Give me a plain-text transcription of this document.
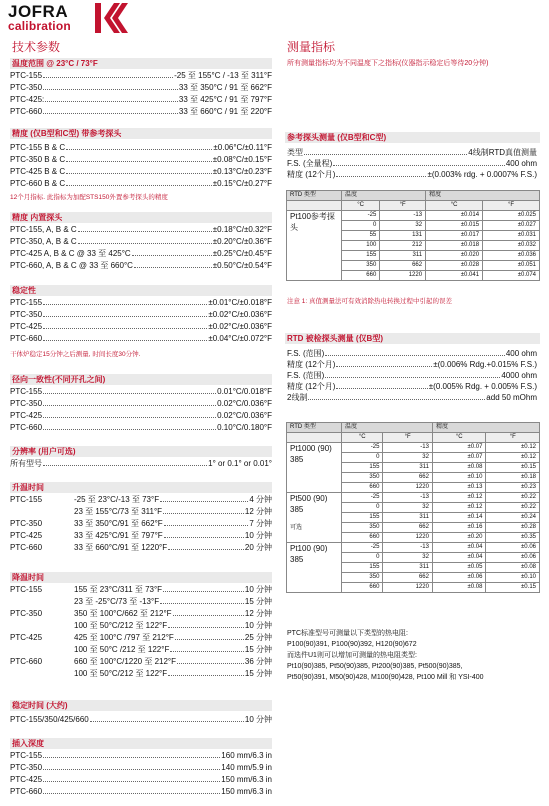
JOFRA
calibration
技术参数
温度范围 @ 23°C / 73°F
PTC-155	-25 至 155°C / -13 至 311°F
PTC-350	33 至 350°C / 91 至 662°F
PTC-425:	33 至 425°C / 91 至 797°F
PTC-660	33 至 660°C / 91 至 220°F
精度 (仅B型和C型) 带参考探头
PTC-155 B & C	±0.06°C/±0.11°F
PTC-350 B & C	±0.08°C/±0.15°F
PTC-425 B & C	±0.13°C/±0.23°F
PTC-660 B & C	±0.15°C/±0.27°F
12个月指标. 此指标为加配STS150外置参考探头的精度
精度 内置探头
PTC-155, A, B & C	±0.18°C/±0.32°F
PTC-350, A, B & C	±0.20°C/±0.36°F
PTC-425 A, B & C @ 33 至 425°C	±0.25°C/±0.45°F
PTC-660, A, B & C @ 33 至 660°C	±0.50°C/±0.54°F
稳定性
PTC-155	±0.01°C/±0.018°F
PTC-350	±0.02°C/±0.036°F
PTC-425	±0.02°C/±0.036°F
PTC-660	±0.04°C/±0.072°F
干体炉稳定15分钟之后测量, 时间长度30分钟.
径向一致性(不同开孔之间)
PTC-155	0.01°C/0.018°F
PTC-350	0.02°C/0.036°F
PTC-425	0.02°C/0.036°F
PTC-660	0.10°C/0.180°F
分辨率 (用户可选)
所有型号	1° or 0.1° or 0.01°
升温时间
PTC-155	-25 至 23°C/-13 至 73°F	4 分钟
23 至 155°C/73 至 311°F	12 分钟
PTC-350	33 至 350°C/91 至 662°F	7 分钟
PTC-425	33 至 425°C/91 至 797°F	10 分钟
PTC-660	33 至 660°C/91 至 1220°F	20 分钟
降温时间
PTC-155	155 至 23°C/311 至 73°F	10 分钟
23 至 -25°C/73 至 -13°F	15 分钟
PTC-350	350 至 100°C/662 至 212°F	12 分钟
100 至 50°C/212 至 122°F	10 分钟
PTC-425	425 至 100°C /797 至 212°F	25 分钟
100 至 50°C /212 至 122°F	15 分钟
PTC-660	660 至 100°C/1220 至 212°F	36 分钟
100 至 50°C/212 至 122°F	15 分钟
稳定时间 (大约)
PTC-155/350/425/660	10 分钟
插入深度
PTC-155	160 mm/6.3 in
PTC-350	140 mm/5.9 in
PTC-425	150 mm/6.3 in
PTC-660	150 mm/6.3 in
测量指标
所有测量指标均为不同温度下之指标(仪器指示稳定后等待20分钟)
参考探头测量 (仅B型和C型)
类型	4线制RTD真值测量
F.S. (全量程)	400 ohm
精度 (12个月)	±(0.003% rdg. + 0.0007% F.S.)
RTD 类型	温度		精度	
	°C	°F	°C	°F
Pt100参考探头	-25	-13	±0.014	±0.025
	0	32	±0.015	±0.027
	55	131	±0.017	±0.031
	100	212	±0.018	±0.032
	155	311	±0.020	±0.036
	350	662	±0.028	±0.051
	660	1220	±0.041	±0.074
注意 1: 真值测量法可有效消除热电转换过程中引起的误差
RTD 被检探头测量 (仅B型)
F.S. (范围)	400 ohm
精度 (12个月)	±(0.006% Rdg.+0.015% F.S.)
F.S. (范围)	4000 ohm
精度 (12个月)	±(0.005% Rdg. + 0.005% F.S.)
2线制	add 50 mOhm
RTD 类型	温度		精度	
	°C	°F	°C	°F

Pt1000 (90) 385	-25	-13	±0.07	±0.12
	0	32	±0.07	±0.12
	155	311	±0.08	±0.15
	350	662	±0.10	±0.18
	660	1220	±0.13	±0.23

Pt500 (90) 385
可选	-25	-13	±0.12	±0.22
	0	32	±0.12	±0.22
	155	311	±0.14	±0.24
	350	662	±0.16	±0.28
	660	1220	±0.20	±0.35

Pt100 (90) 385	-25	-13	±0.04	±0.06
	0	32	±0.04	±0.06
	155	311	±0.05	±0.08
	350	662	±0.06	±0.10
	660	1220	±0.08	±0.15
PTC标准型号可测量以下类型的热电阻:
P100(90)391, P100(90)392, H120(90)672
而选件U1则可以增加可测量的热电阻类型:
Pt10(90)385, Pt50(90)385, Pt200(90)385, Pt500(90)385,
Pt50(90)391, M50(90)428, M100(90)428, Pt100 Mill 和 YSI-400
